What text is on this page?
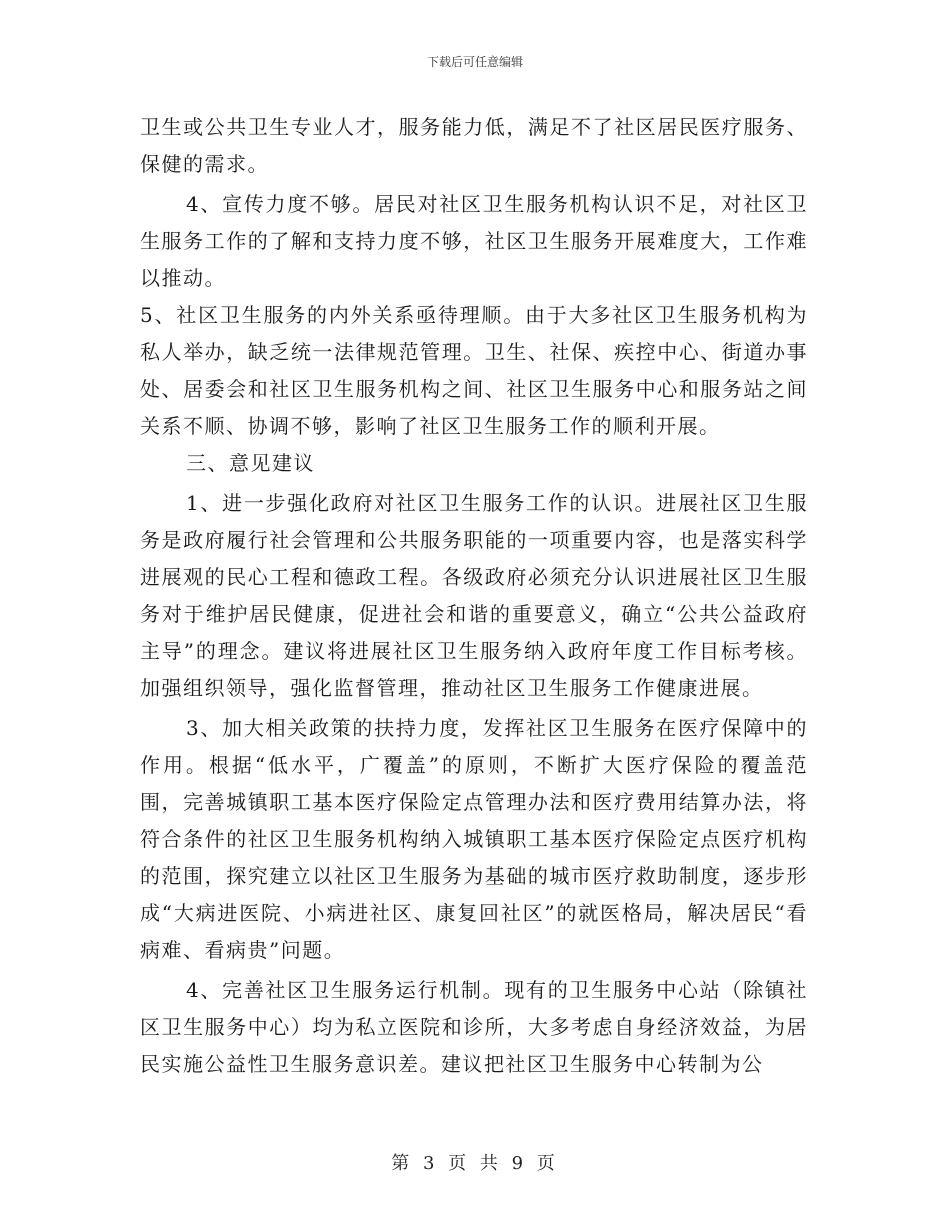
下载后可任意编辑

卫生或公共卫生专业人才，服务能力低，满足不了社区居民医疗服务、保健的需求。

4、宣传力度不够。居民对社区卫生服务机构认识不足，对社区卫生服务工作的了解和支持力度不够，社区卫生服务开展难度大，工作难以推动。

5、社区卫生服务的内外关系亟待理顺。由于大多社区卫生服务机构为私人举办，缺乏统一法律规范管理。卫生、社保、疾控中心、街道办事处、居委会和社区卫生服务机构之间、社区卫生服务中心和服务站之间关系不顺、协调不够，影响了社区卫生服务工作的顺利开展。

三、意见建议

1、进一步强化政府对社区卫生服务工作的认识。进展社区卫生服务是政府履行社会管理和公共服务职能的一项重要内容，也是落实科学进展观的民心工程和德政工程。各级政府必须充分认识进展社区卫生服务对于维护居民健康，促进社会和谐的重要意义，确立“公共公益政府主导”的理念。建议将进展社区卫生服务纳入政府年度工作目标考核。加强组织领导，强化监督管理，推动社区卫生服务工作健康进展。

3、加大相关政策的扶持力度，发挥社区卫生服务在医疗保障中的作用。根据“低水平，广覆盖”的原则，不断扩大医疗保险的覆盖范围，完善城镇职工基本医疗保险定点管理办法和医疗费用结算办法，将符合条件的社区卫生服务机构纳入城镇职工基本医疗保险定点医疗机构的范围，探究建立以社区卫生服务为基础的城市医疗救助制度，逐步形成“大病进医院、小病进社区、康复回社区”的就医格局，解决居民“看病难、看病贵”问题。

4、完善社区卫生服务运行机制。现有的卫生服务中心站（除镇社区卫生服务中心）均为私立医院和诊所，大多考虑自身经济效益，为居民实施公益性卫生服务意识差。建议把社区卫生服务中心转制为公

第 3 页 共 9 页
